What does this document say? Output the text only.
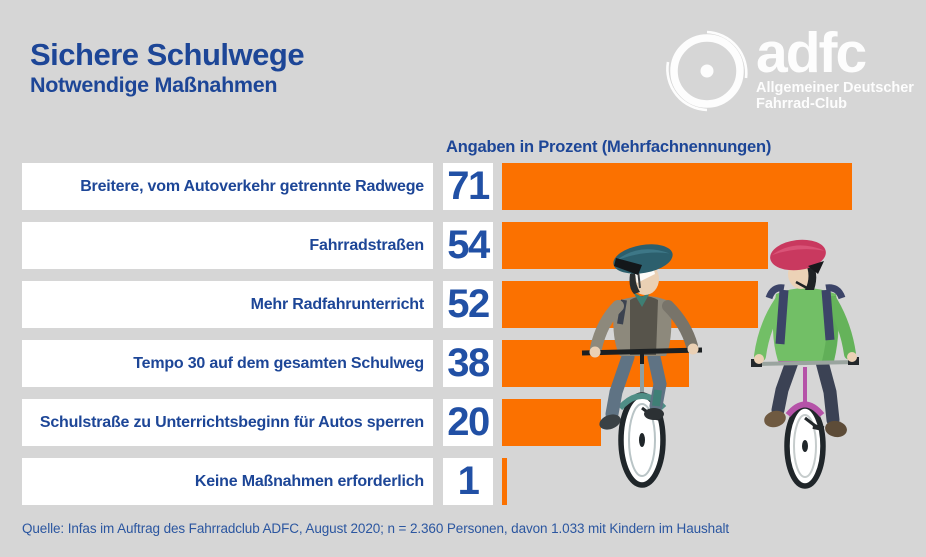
Sichere Schulwege
Notwendige Maßnahmen	adfc
Allgemeiner Deutscher
Fahrrad-Club
Angaben in Prozent (Mehrfachnennungen)
Breitere, vom Autoverkehr getrennte Radwege 71
Fahrradstraßen 54
Mehr Radfahrunterricht 52
Tempo 30 auf dem gesamten Schulweg 38
Schulstraße zu Unterrichtsbeginn für Autos sperren 20
Keine Maßnahmen erforderlich 1
Quelle: Infas im Auftrag des Fahrradclub ADFC, August 2020; n = 2.360 Personen, davon 1.033 mit Kindern im Haushalt
